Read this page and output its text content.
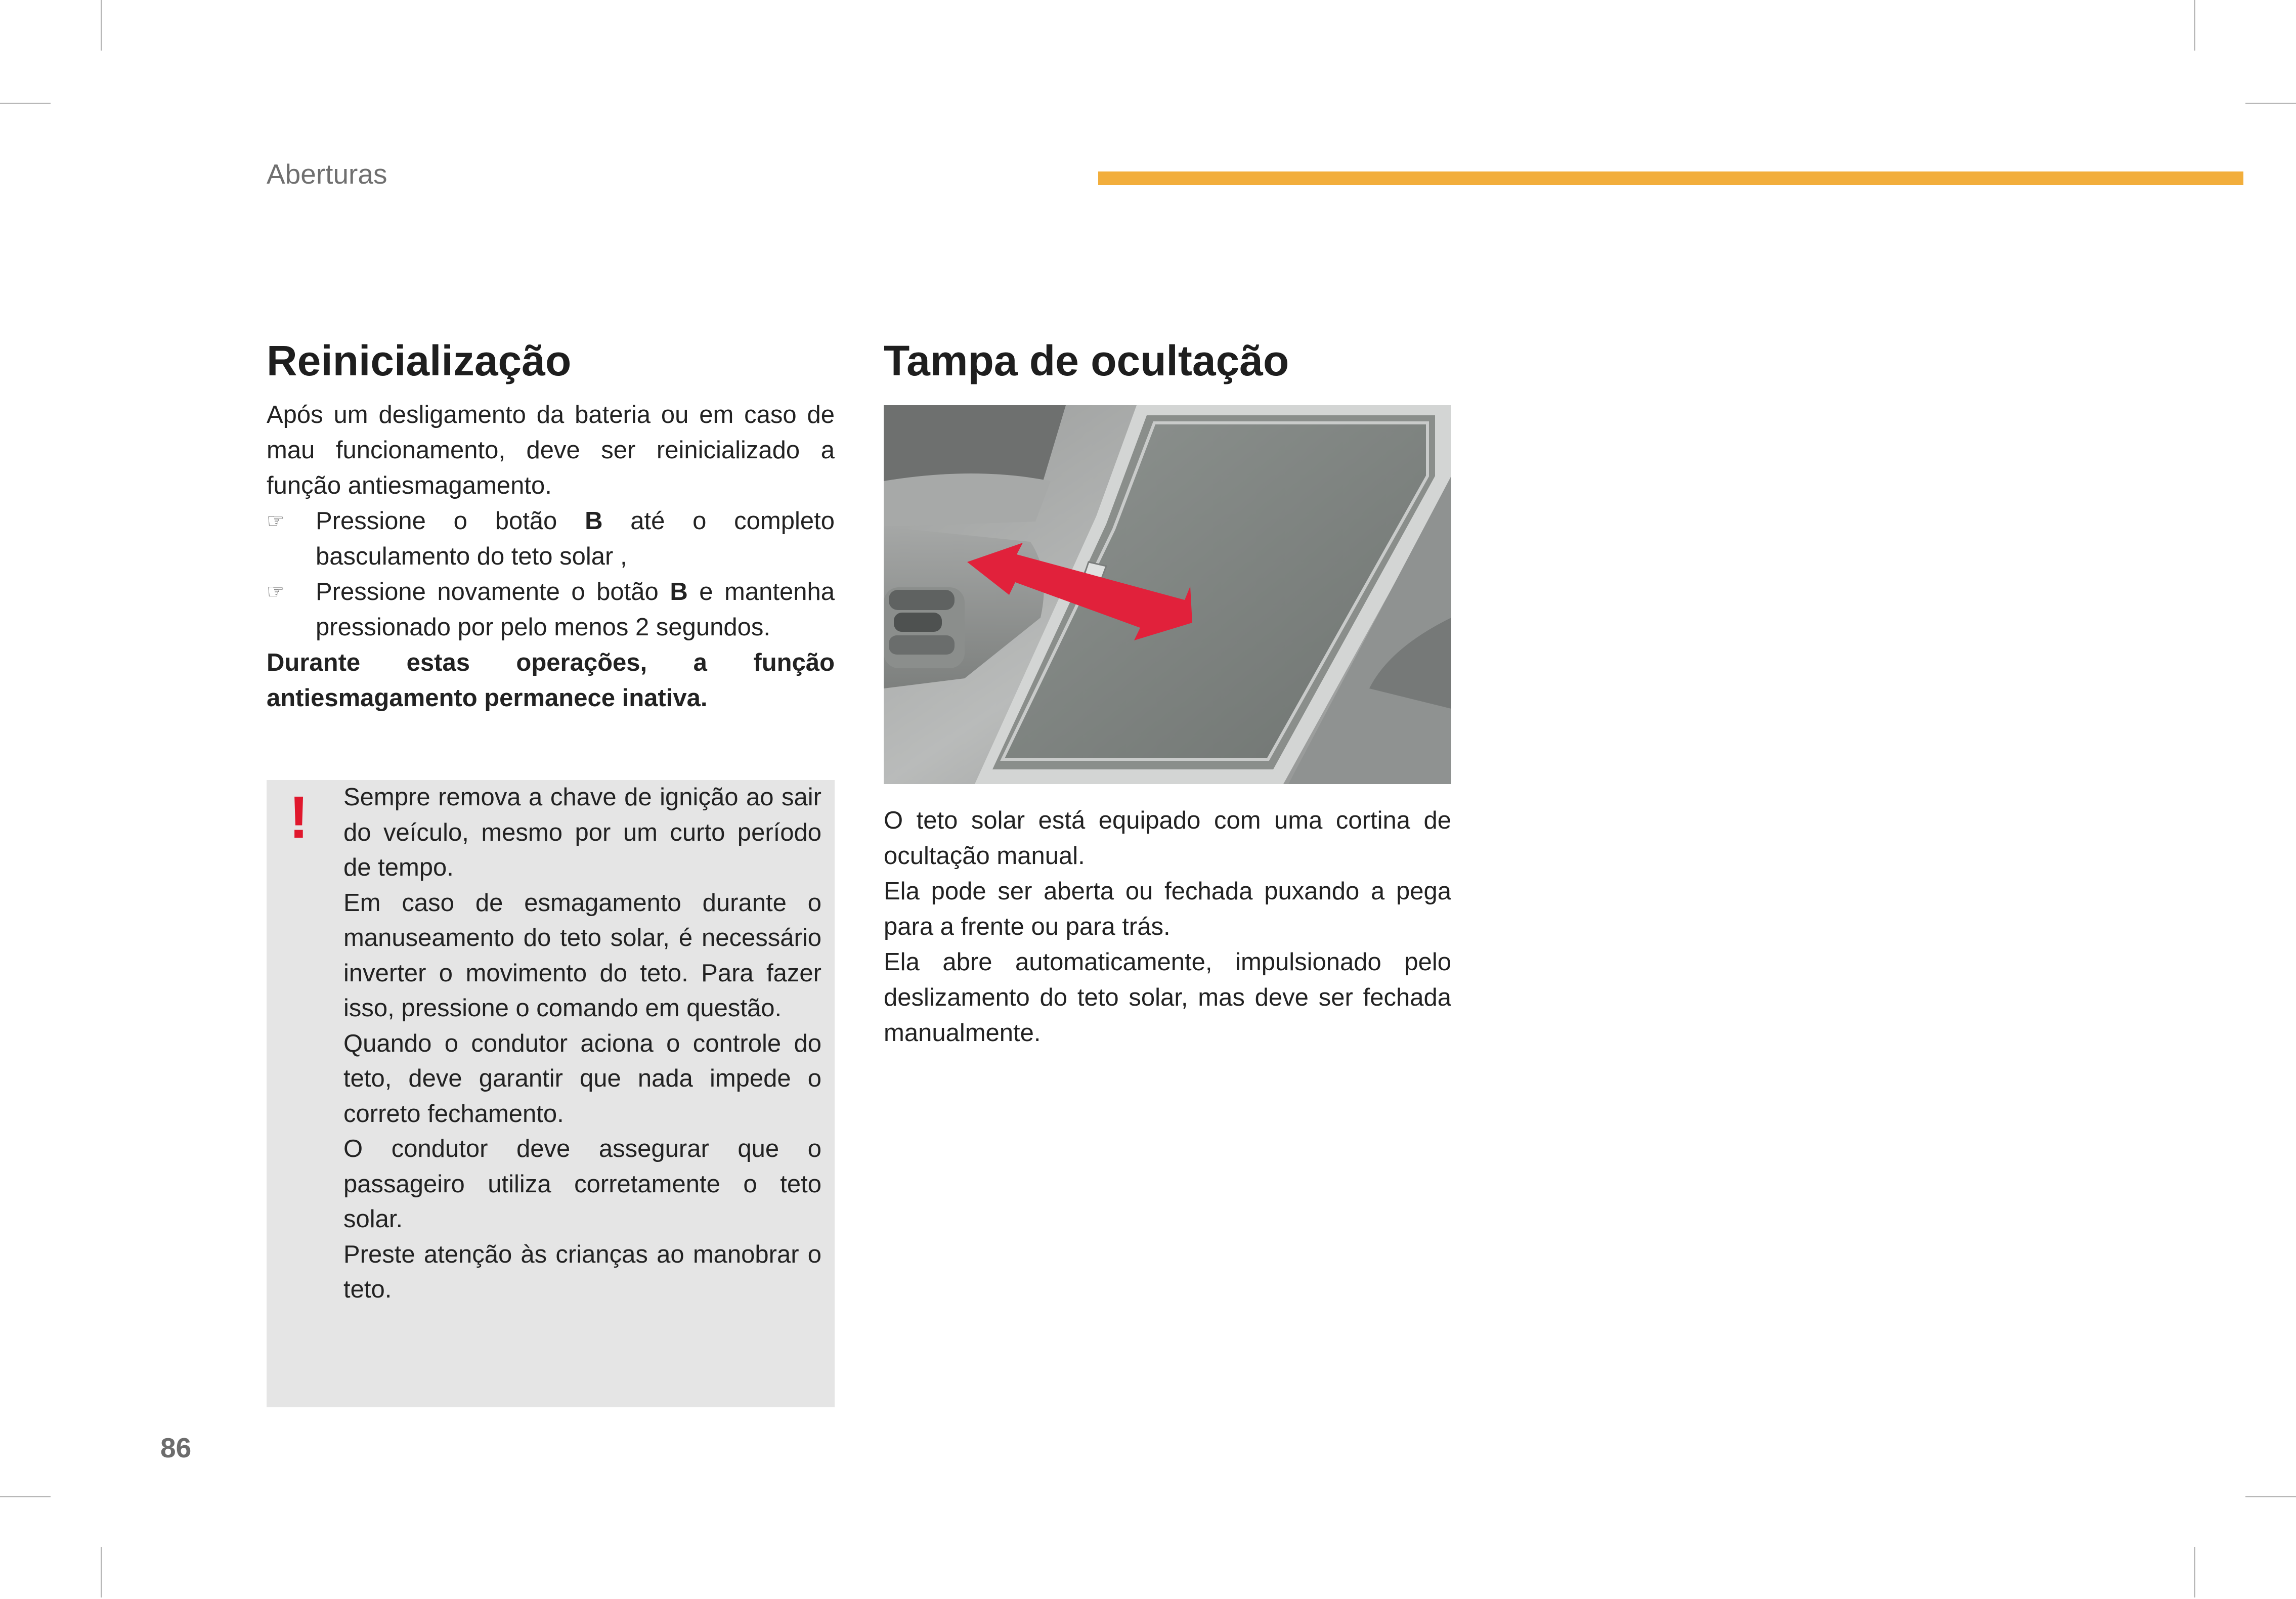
Aberturas
Reinicialização

Após um desligamento da bateria ou em caso de mau funcionamento, deve ser reinicializado a função antiesmagamento.

☞ Pressione o botão B até o completo basculamento do teto solar ,
☞ Pressione novamente o botão B e mantenha pressionado por pelo menos 2 segundos.

Durante estas operações, a função antiesmagamento permanece inativa.

! Sempre remova a chave de ignição ao sair do veículo, mesmo por um curto período de tempo.

Em caso de esmagamento durante o manuseamento do teto solar, é necessário inverter o movimento do teto. Para fazer isso, pressione o comando em questão.

Quando o condutor aciona o controle do teto, deve garantir que nada impede o correto fechamento.

O condutor deve assegurar que o passageiro utiliza corretamente o teto solar.

Preste atenção às crianças ao manobrar o teto.

Tampa de ocultação

O teto solar está equipado com uma cortina de ocultação manual.

Ela pode ser aberta ou fechada puxando a pega para a frente ou para trás.

Ela abre automaticamente, impulsionado pelo deslizamento do teto solar, mas deve ser fechada manualmente.

86
